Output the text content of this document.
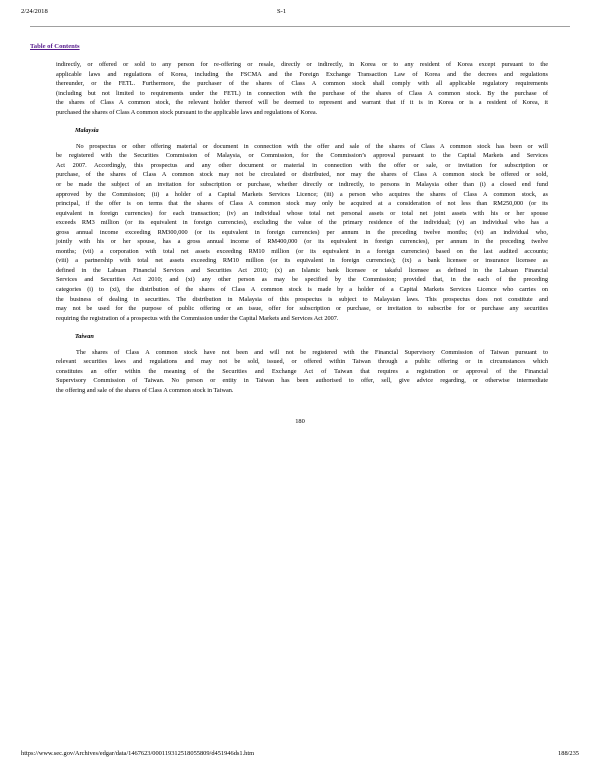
2/24/2018	S-1
Table of Contents
indirectly, or offered or sold to any person for re-offering or resale, directly or indirectly, in Korea or to any resident of Korea except pursuant to the
applicable laws and regulations of Korea, including the FSCMA and the Foreign Exchange Transaction Law of Korea and the decrees and regulations
thereunder, or the FETL. Furthermore, the purchaser of the shares of Class A common stock shall comply with all applicable regulatory requirements
(including but not limited to requirements under the FETL) in connection with the purchase of the shares of Class A common stock. By the purchase of
the shares of Class A common stock, the relevant holder thereof will be deemed to represent and warrant that if it is in Korea or is a resident of Korea, it
purchased the shares of Class A common stock pursuant to the applicable laws and regulations of Korea.
Malaysia
No prospectus or other offering material or document in connection with the offer and sale of the shares of Class A common stock has been or will
be registered with the Securities Commission of Malaysia, or Commission, for the Commission’s approval pursuant to the Capital Markets and Services
Act 2007. Accordingly, this prospectus and any other document or material in connection with the offer or sale, or invitation for subscription or
purchase, of the shares of Class A common stock may not be circulated or distributed, nor may the shares of Class A common stock be offered or sold,
or be made the subject of an invitation for subscription or purchase, whether directly or indirectly, to persons in Malaysia other than (i) a closed end fund
approved by the Commission; (ii) a holder of a Capital Markets Services Licence; (iii) a person who acquires the shares of Class A common stock, as
principal, if the offer is on terms that the shares of Class A common stock may only be acquired at a consideration of not less than RM250,000 (or its
equivalent in foreign currencies) for each transaction; (iv) an individual whose total net personal assets or total net joint assets with his or her spouse
exceeds RM3 million (or its equivalent in foreign currencies), excluding the value of the primary residence of the individual; (v) an individual who has a
gross annual income exceeding RM300,000 (or its equivalent in foreign currencies) per annum in the preceding twelve months; (vi) an individual who,
jointly with his or her spouse, has a gross annual income of RM400,000 (or its equivalent in foreign currencies), per annum in the preceding twelve
months; (vii) a corporation with total net assets exceeding RM10 million (or its equivalent in a foreign currencies) based on the last audited accounts;
(viii) a partnership with total net assets exceeding RM10 million (or its equivalent in foreign currencies); (ix) a bank licensee or insurance licensee as
defined in the Labuan Financial Services and Securities Act 2010; (x) an Islamic bank licensee or takaful licensee as defined in the Labuan Financial
Services and Securities Act 2010; and (xi) any other person as may be specified by the Commission; provided that, in the each of the preceding
categories (i) to (xi), the distribution of the shares of Class A common stock is made by a holder of a Capital Markets Services Licence who carries on
the business of dealing in securities. The distribution in Malaysia of this prospectus is subject to Malaysian laws. This prospectus does not constitute and
may not be used for the purpose of public offering or an issue, offer for subscription or purchase, or invitation to subscribe for or purchase any securities
requiring the registration of a prospectus with the Commission under the Capital Markets and Services Act 2007.
Taiwan
The shares of Class A common stock have not been and will not be registered with the Financial Supervisory Commission of Taiwan pursuant to
relevant securities laws and regulations and may not be sold, issued, or offered within Taiwan through a public offering or in circumstances which
constitutes an offer within the meaning of the Securities and Exchange Act of Taiwan that requires a registration or approval of the Financial
Supervisory Commission of Taiwan. No person or entity in Taiwan has been authorised to offer, sell, give advice regarding, or otherwise intermediate
the offering and sale of the shares of Class A common stock in Taiwan.
180
https://www.sec.gov/Archives/edgar/data/1467623/000119312518055809/d451946ds1.htm	188/235
